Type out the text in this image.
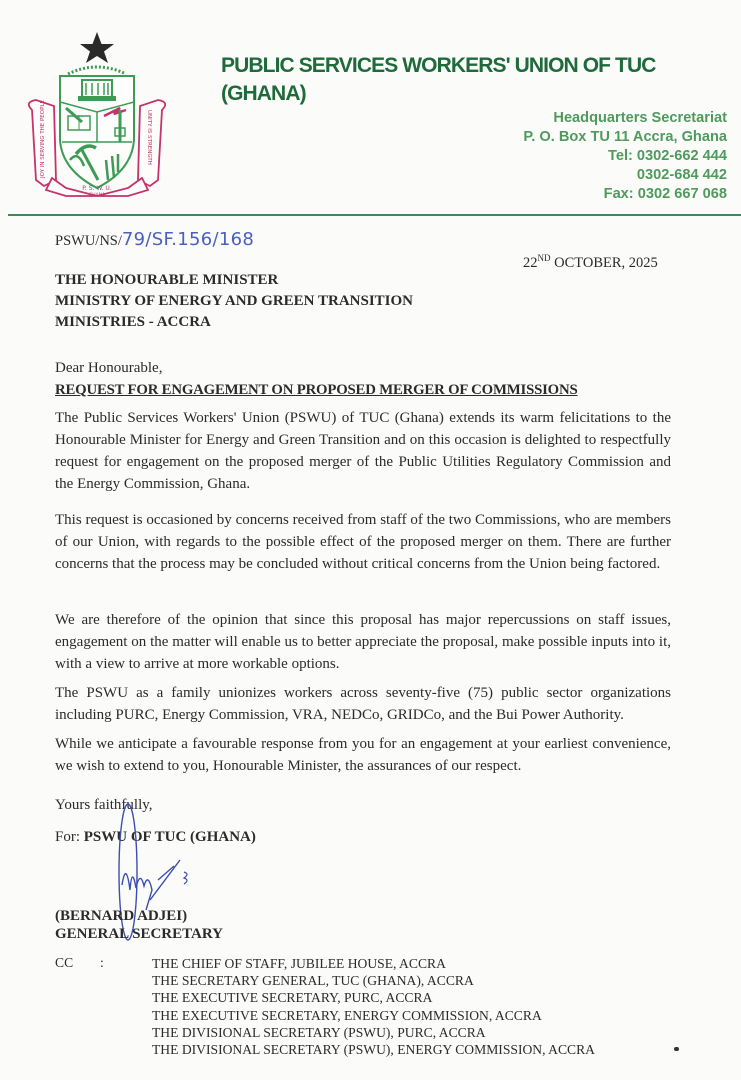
JOY IN SERVING THE PEOPLE	UNITY IS STRENGTH
P. S. W. U.
GHANA
PUBLIC SERVICES WORKERS' UNION OF TUC (GHANA)
Headquarters Secretariat
P. O. Box TU 11 Accra, Ghana
Tel: 0302-662 444
0302-684 442
Fax: 0302 667 068
PSWU/NS/79/SF.156/168
22ND OCTOBER, 2025
THE HONOURABLE MINISTER
MINISTRY OF ENERGY AND GREEN TRANSITION
MINISTRIES - ACCRA
Dear Honourable,
REQUEST FOR ENGAGEMENT ON PROPOSED MERGER OF COMMISSIONS
The Public Services Workers' Union (PSWU) of TUC (Ghana) extends its warm felicitations to the Honourable Minister for Energy and Green Transition and on this occasion is delighted to respectfully request for engagement on the proposed merger of the Public Utilities Regulatory Commission and the Energy Commission, Ghana.
This request is occasioned by concerns received from staff of the two Commissions, who are members of our Union, with regards to the possible effect of the proposed merger on them. There are further concerns that the process may be concluded without critical concerns from the Union being factored.
We are therefore of the opinion that since this proposal has major repercussions on staff issues, engagement on the matter will enable us to better appreciate the proposal, make possible inputs into it, with a view to arrive at more workable options.
The PSWU as a family unionizes workers across seventy-five (75) public sector organizations including PURC, Energy Commission, VRA, NEDCo, GRIDCo, and the Bui Power Authority.
While we anticipate a favourable response from you for an engagement at your earliest convenience, we wish to extend to you, Honourable Minister, the assurances of our respect.
Yours faithfully,
For: PSWU OF TUC (GHANA)
(BERNARD ADJEI)
GENERAL SECRETARY
CC :	THE CHIEF OF STAFF, JUBILEE HOUSE, ACCRA
THE SECRETARY GENERAL, TUC (GHANA), ACCRA
THE EXECUTIVE SECRETARY, PURC, ACCRA
THE EXECUTIVE SECRETARY, ENERGY COMMISSION, ACCRA
THE DIVISIONAL SECRETARY (PSWU), PURC, ACCRA
THE DIVISIONAL SECRETARY (PSWU), ENERGY COMMISSION, ACCRA
